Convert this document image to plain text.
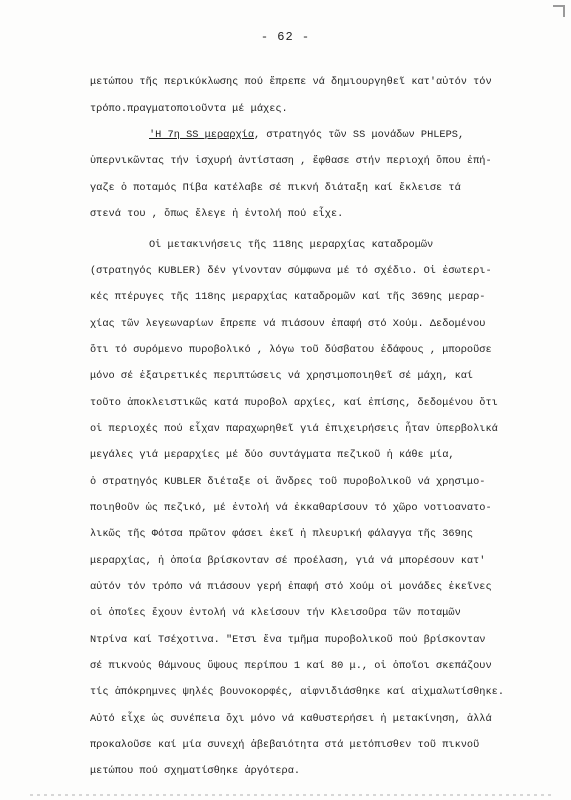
- 62 -
μετώπου τῆς περικύκλωσης πού ἔπρεπε νά δημιουργηθεῖ κατ'αὐτόν τόν
τρόπο.πραγματοποιοῦντα μέ μάχες.
'Η 7η SS μεραρχία, στρατηγός τῶν SS μονάδων PHLEPS,
ὑπερνικῶντας τήν ἰσχυρή ἀντίσταση , ἔφθασε στήν περιοχή ὅπου ἐπή-
γαζε ὁ ποταμός Πίβα κατέλαβε σέ πικνή διάταξη καί ἔκλεισε τά
στενά του , ὅπως ἔλεγε ἡ ἐντολή πού εἶχε.
Οἱ μετακινήσεις τῆς 118ης μεραρχίας καταδρομῶν
(στρατηγός KUBLER) δέν γίνονταν σύμφωνα μέ τό σχέδιο. Οἱ ἐσωτερι-
κές πτέρυγες τῆς 118ης μεραρχίας καταδρομῶν καί τῆς 369ης μεραρ-
χίας τῶν λεγεωναρίων ἔπρεπε νά πιάσουν ἐπαφή στό Χούμ. Δεδομένου
ὅτι τό συρόμενο πυροβολικό , λόγω τοῦ δύσβατου ἐδάφους , μποροῦσε
μόνο σέ ἐξαιρετικές περιπτώσεις νά χρησιμοποιηθεῖ σέ μάχη, καί
τοῦτο ἀποκλειστικῶς κατά πυροβολ αρχίες, καί ἐπίσης, δεδομένου ὅτι
οἱ περιοχές πού εἶχαν παραχωρηθεῖ γιά ἐπιχειρήσεις ἦταν ὑπερβολικά
μεγάλες γιά μεραρχίες μέ δύο συντάγματα πεζικοῦ ἡ κάθε μία,
ὁ στρατηγός KUBLER διέταξε οἱ ἄνδρες τοῦ πυροβολικοῦ νά χρησιμο-
ποιηθοῦν ὡς πεζικό, μέ ἐντολή νά ἐκκαθαρίσουν τό χῶρο νοτιοανατο-
λικῶς τῆς Φότσα πρῶτον φάσει ἐκεῖ ἡ πλευρική φάλαγγα τῆς 369ης
μεραρχίας, ἡ ὁποία βρίσκονταν σέ προέλαση, γιά νά μπορέσουν κατ'
αὐτόν τόν τρόπο νά πιάσουν γερή ἐπαφή στό Χούμ οἱ μονάδες ἐκεῖνες
οἱ ὁποῖες ἔχουν ἐντολή νά κλείσουν τήν Κλεισοῦρα τῶν ποταμῶν
Ντρίνα καί Τσέχοτινα. "Ετσι ἕνα τμῆμα πυροβολικοῦ πού βρίσκονταν
σέ πικνούς θάμνους ὕψους περίπου 1 καί 80 μ., οἱ ὁποῖοι σκεπάζουν
τίς ἀπόκρημνες ψηλές βουνοκορφές, αἰφνιδιάσθηκε καί αἰχμαλωτίσθηκε.
Αὐτό εἶχε ὡς συνέπεια ὄχι μόνο νά καθυστερήσει ἡ μετακίνηση, ἀλλά
προκαλοῦσε καί μία συνεχή ἀβεβαιότητα στά μετόπισθεν τοῦ πικνοῦ
μετώπου πού σχηματίσθηκε ἀργότερα.
